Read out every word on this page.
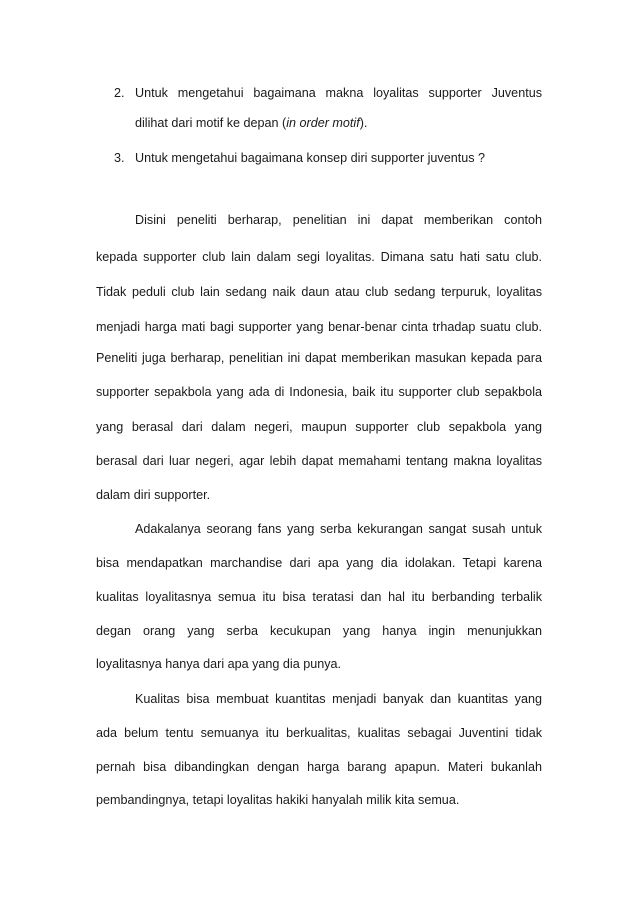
2. Untuk mengetahui bagaimana makna loyalitas supporter Juventus
dilihat dari motif ke depan (in order motif).
3. Untuk mengetahui bagaimana konsep diri supporter juventus ?
Disini peneliti berharap, penelitian ini dapat memberikan contoh
kepada supporter club lain dalam segi loyalitas. Dimana satu hati satu club.
Tidak peduli club lain sedang naik daun atau club sedang terpuruk, loyalitas
menjadi harga mati bagi supporter yang benar-benar cinta trhadap suatu club.
Peneliti juga berharap, penelitian ini dapat memberikan masukan kepada para
supporter sepakbola yang ada di Indonesia, baik itu supporter club sepakbola
yang berasal dari dalam negeri, maupun supporter club sepakbola yang
berasal dari luar negeri, agar lebih dapat memahami tentang makna loyalitas
dalam diri supporter.
Adakalanya seorang fans yang serba kekurangan sangat susah untuk
bisa mendapatkan marchandise dari apa yang dia idolakan. Tetapi karena
kualitas loyalitasnya semua itu bisa teratasi dan hal itu berbanding terbalik
degan orang yang serba kecukupan yang hanya ingin menunjukkan
loyalitasnya hanya dari apa yang dia punya.
Kualitas bisa membuat kuantitas menjadi banyak dan kuantitas yang
ada belum tentu semuanya itu berkualitas, kualitas sebagai Juventini tidak
pernah bisa dibandingkan dengan harga barang apapun. Materi bukanlah
pembandingnya, tetapi loyalitas hakiki hanyalah milik kita semua.
